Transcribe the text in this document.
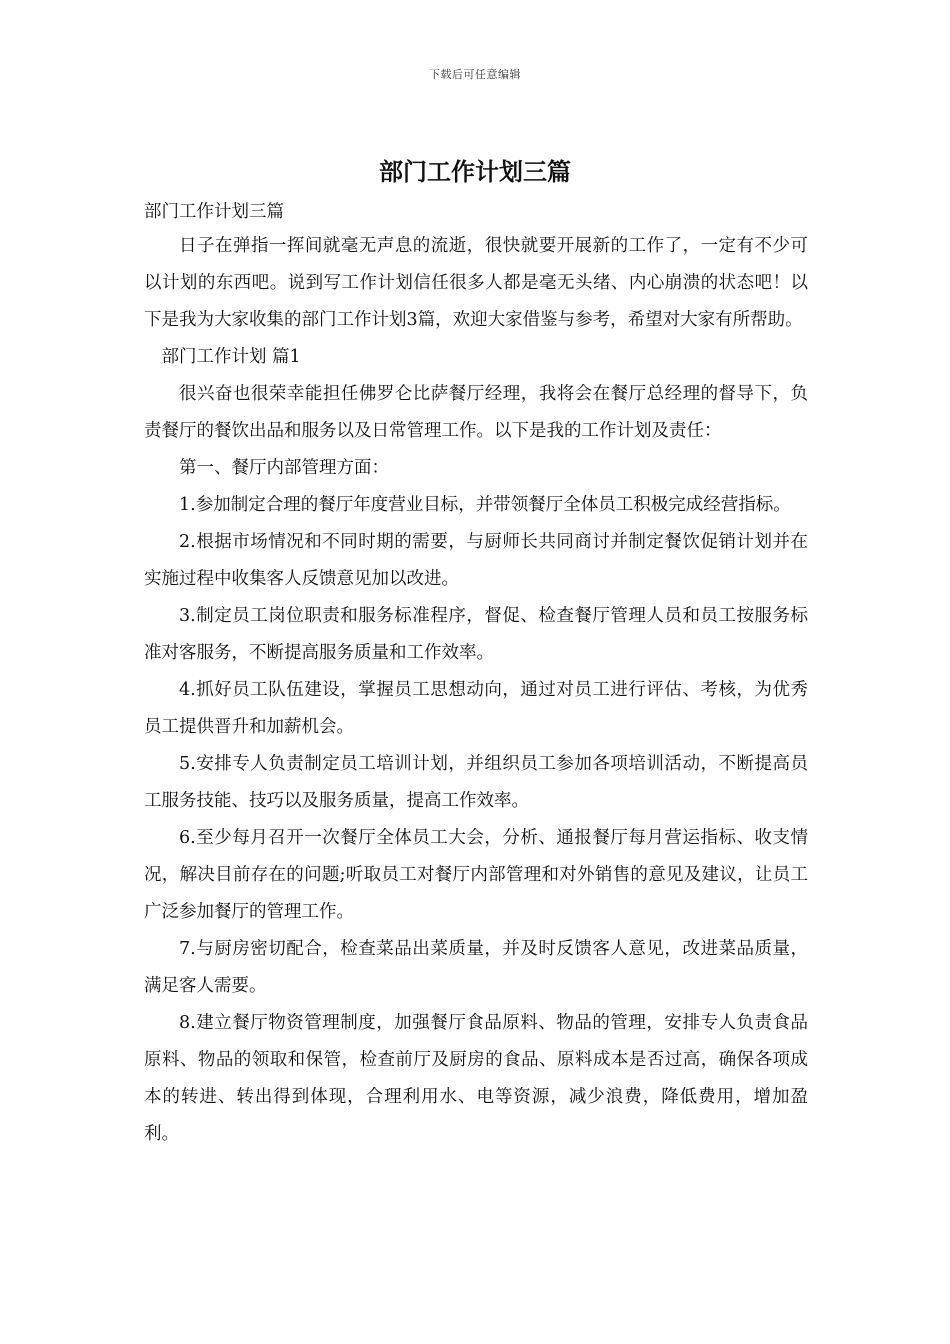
下载后可任意编辑
部门工作计划三篇

部门工作计划三篇

日子在弹指一挥间就毫无声息的流逝，很快就要开展新的工作了，一定有不少可以计划的东西吧。说到写工作计划信任很多人都是毫无头绪、内心崩溃的状态吧！以下是我为大家收集的部门工作计划3篇，欢迎大家借鉴与参考，希望对大家有所帮助。

部门工作计划 篇1

很兴奋也很荣幸能担任佛罗仑比萨餐厅经理，我将会在餐厅总经理的督导下，负责餐厅的餐饮出品和服务以及日常管理工作。以下是我的工作计划及责任：

第一、餐厅内部管理方面：

1.参加制定合理的餐厅年度营业目标，并带领餐厅全体员工积极完成经营指标。

2.根据市场情况和不同时期的需要，与厨师长共同商讨并制定餐饮促销计划并在实施过程中收集客人反馈意见加以改进。

3.制定员工岗位职责和服务标准程序，督促、检查餐厅管理人员和员工按服务标准对客服务，不断提高服务质量和工作效率。

4.抓好员工队伍建设，掌握员工思想动向，通过对员工进行评估、考核，为优秀员工提供晋升和加薪机会。

5.安排专人负责制定员工培训计划，并组织员工参加各项培训活动，不断提高员工服务技能、技巧以及服务质量，提高工作效率。

6.至少每月召开一次餐厅全体员工大会，分析、通报餐厅每月营运指标、收支情况，解决目前存在的问题;听取员工对餐厅内部管理和对外销售的意见及建议，让员工广泛参加餐厅的管理工作。

7.与厨房密切配合，检查菜品出菜质量，并及时反馈客人意见，改进菜品质量，满足客人需要。

8.建立餐厅物资管理制度，加强餐厅食品原料、物品的管理，安排专人负责食品原料、物品的领取和保管，检查前厅及厨房的食品、原料成本是否过高，确保各项成本的转进、转出得到体现，合理利用水、电等资源，减少浪费，降低费用，增加盈利。
